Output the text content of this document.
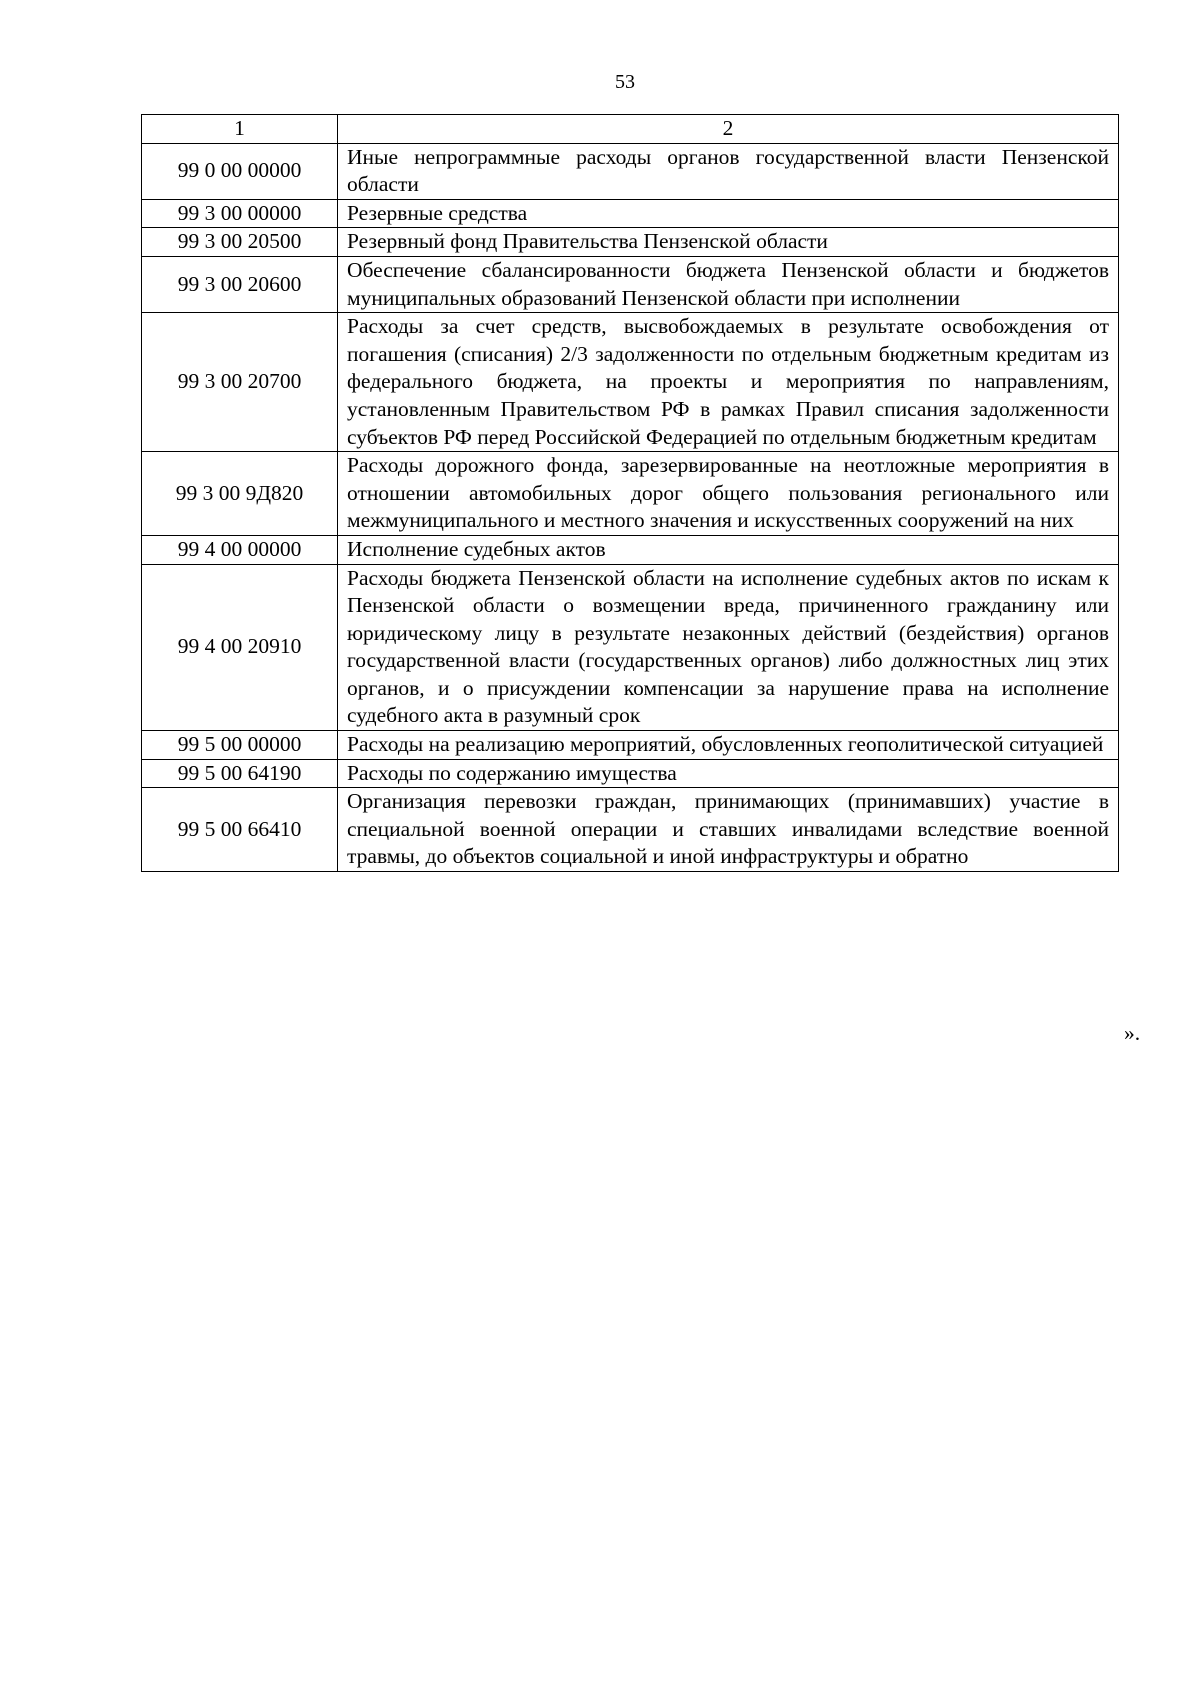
53
1	2
99 0 00 00000	Иные непрограммные расходы органов государственной власти Пензенской области
99 3 00 00000	Резервные средства
99 3 00 20500	Резервный фонд Правительства Пензенской области
99 3 00 20600	Обеспечение сбалансированности бюджета Пензенской области и бюджетов муниципальных образований Пензенской области при исполнении
99 3 00 20700	Расходы за счет средств, высвобождаемых в результате освобождения от погашения (списания) 2/3 задолженности по отдельным бюджетным кредитам из федерального бюджета, на проекты и мероприятия по направлениям, установленным Правительством РФ в рамках Правил списания задолженности субъектов РФ перед Российской Федерацией по отдельным бюджетным кредитам
99 3 00 9Д820	Расходы дорожного фонда, зарезервированные на неотложные мероприятия в отношении автомобильных дорог общего пользования регионального или межмуниципального и местного значения и искусственных сооружений на них
99 4 00 00000	Исполнение судебных актов
99 4 00 20910	Расходы бюджета Пензенской области на исполнение судебных актов по искам к Пензенской области о возмещении вреда, причиненного гражданину или юридическому лицу в результате незаконных действий (бездействия) органов государственной власти (государственных органов) либо должностных лиц этих органов, и о присуждении компенсации за нарушение права на исполнение судебного акта в разумный срок
99 5 00 00000	Расходы на реализацию мероприятий, обусловленных геополитической ситуацией
99 5 00 64190	Расходы по содержанию имущества
99 5 00 66410	Организация перевозки граждан, принимающих (принимавших) участие в специальной военной операции и ставших инвалидами вследствие военной травмы, до объектов социальной и иной инфраструктуры и обратно
».
